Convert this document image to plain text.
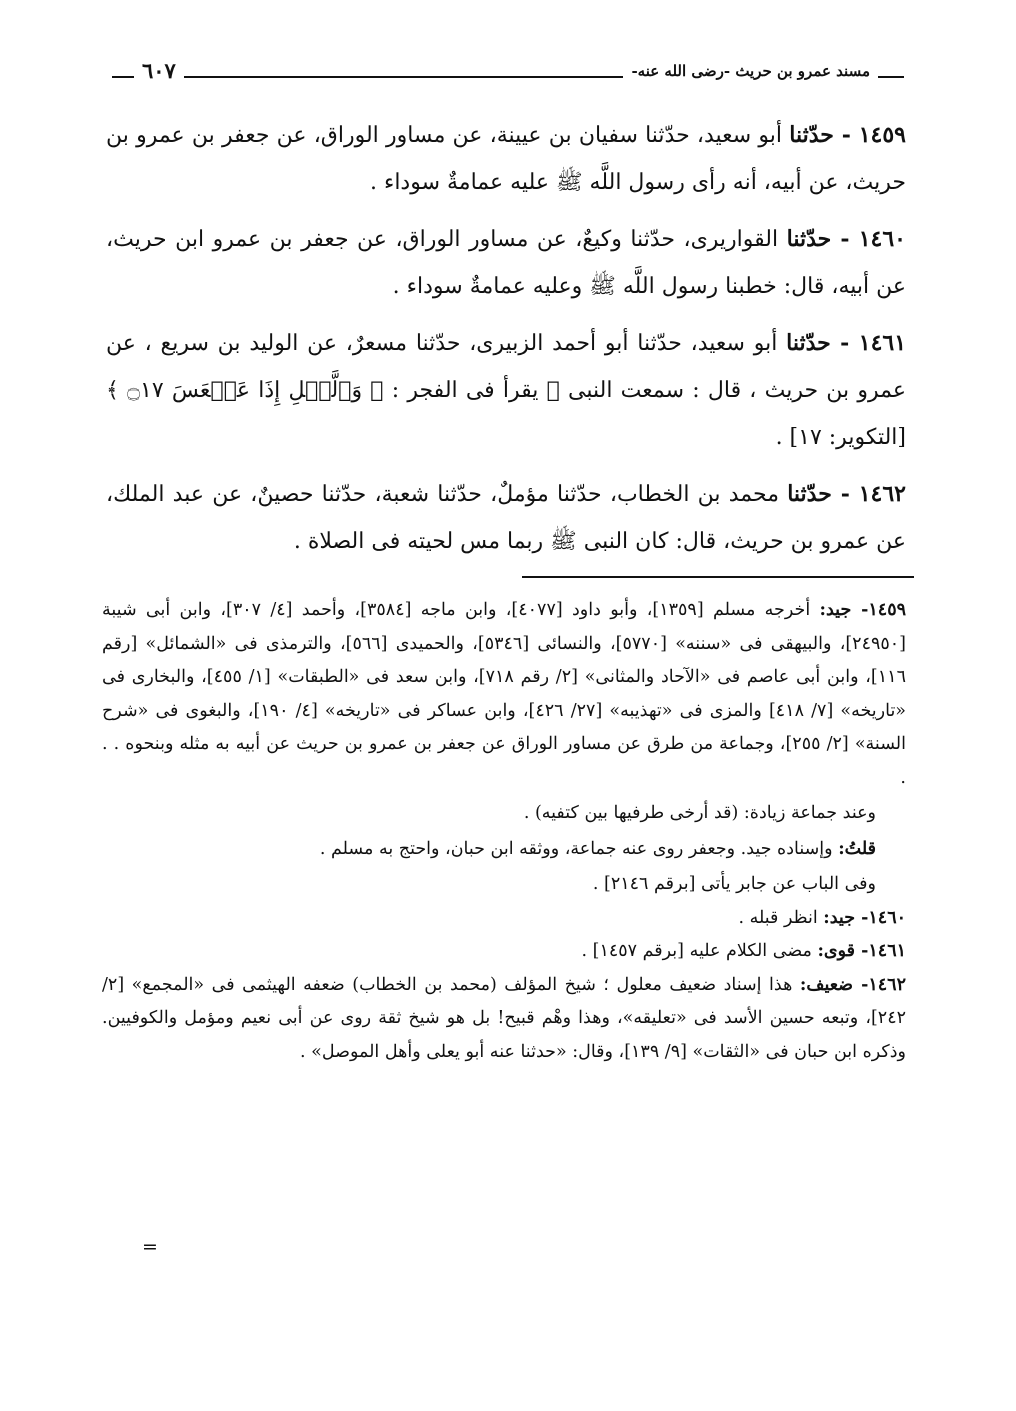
مسند عمرو بن حريث -رضى الله عنه-
٦٠٧

١٤٥٩ - حدّثنا أبو سعيد، حدّثنا سفيان بن عيينة، عن مساور الوراق، عن جعفر بن عمرو بن حريث، عن أبيه، أنه رأى رسول اللَّه ﷺ عليه عمامةٌ سوداء .

١٤٦٠ - حدّثنا القواريرى، حدّثنا وكيعٌ، عن مساور الوراق، عن جعفر بن عمرو ابن حريث، عن أبيه، قال: خطبنا رسول اللَّه ﷺ وعليه عمامةٌ سوداء .

١٤٦١ - حدّثنا أبو سعيد، حدّثنا أبو أحمد الزبيرى، حدّثنا مسعرٌ، عن الوليد بن سريع ، عن عمرو بن حريث ، قال : سمعت النبى ﷺ يقرأ فى الفجر : ﴿ وَٱلَّيۡلِ إِذَا عَسۡعَسَ ۝١٧ ﴾ [التكوير: ١٧] .

١٤٦٢ - حدّثنا محمد بن الخطاب، حدّثنا مؤملٌ، حدّثنا شعبة، حدّثنا حصينٌ، عن عبد الملك، عن عمرو بن حريث، قال: كان النبى ﷺ ربما مس لحيته فى الصلاة .

١٤٥٩- جيد: أخرجه مسلم [١٣٥٩]، وأبو داود [٤٠٧٧]، وابن ماجه [٣٥٨٤]، وأحمد [٤/ ٣٠٧]، وابن أبى شيبة [٢٤٩٥٠]، والبيهقى فى «سننه» [٥٧٧٠]، والنسائى [٥٣٤٦]، والحميدى [٥٦٦]، والترمذى فى «الشمائل» [رقم ١١٦]، وابن أبى عاصم فى «الآحاد والمثانى» [٢/ رقم ٧١٨]، وابن سعد فى «الطبقات» [١/ ٤٥٥]، والبخارى فى «تاريخه» [٧/ ٤١٨] والمزى فى «تهذيبه» [٢٧/ ٤٢٦]، وابن عساكر فى «تاريخه» [٤/ ١٩٠]، والبغوى فى «شرح السنة» [٢/ ٢٥٥]، وجماعة من طرق عن مساور الوراق عن جعفر بن عمرو بن حريث عن أبيه به مثله وبنحوه . . .

وعند جماعة زيادة: (قد أرخى طرفيها بين كتفيه) .

قلتُ: وإسناده جيد. وجعفر روى عنه جماعة، ووثقه ابن حبان، واحتج به مسلم .

وفى الباب عن جابر يأتى [برقم ٢١٤٦] .

١٤٦٠- جيد: انظر قبله .

١٤٦١- قوى: مضى الكلام عليه [برقم ١٤٥٧] .

١٤٦٢- ضعيف: هذا إسناد ضعيف معلول ؛ شيخ المؤلف (محمد بن الخطاب) ضعفه الهيثمى فى «المجمع» [٢/ ٢٤٢]، وتبعه حسين الأسد فى «تعليقه»، وهذا وهْم قبيح! بل هو شيخ ثقة روى عن أبى نعيم ومؤمل والكوفيين. وذكره ابن حبان فى «الثقات» [٩/ ١٣٩]، وقال: «حدثنا عنه أبو يعلى وأهل الموصل» .

=
